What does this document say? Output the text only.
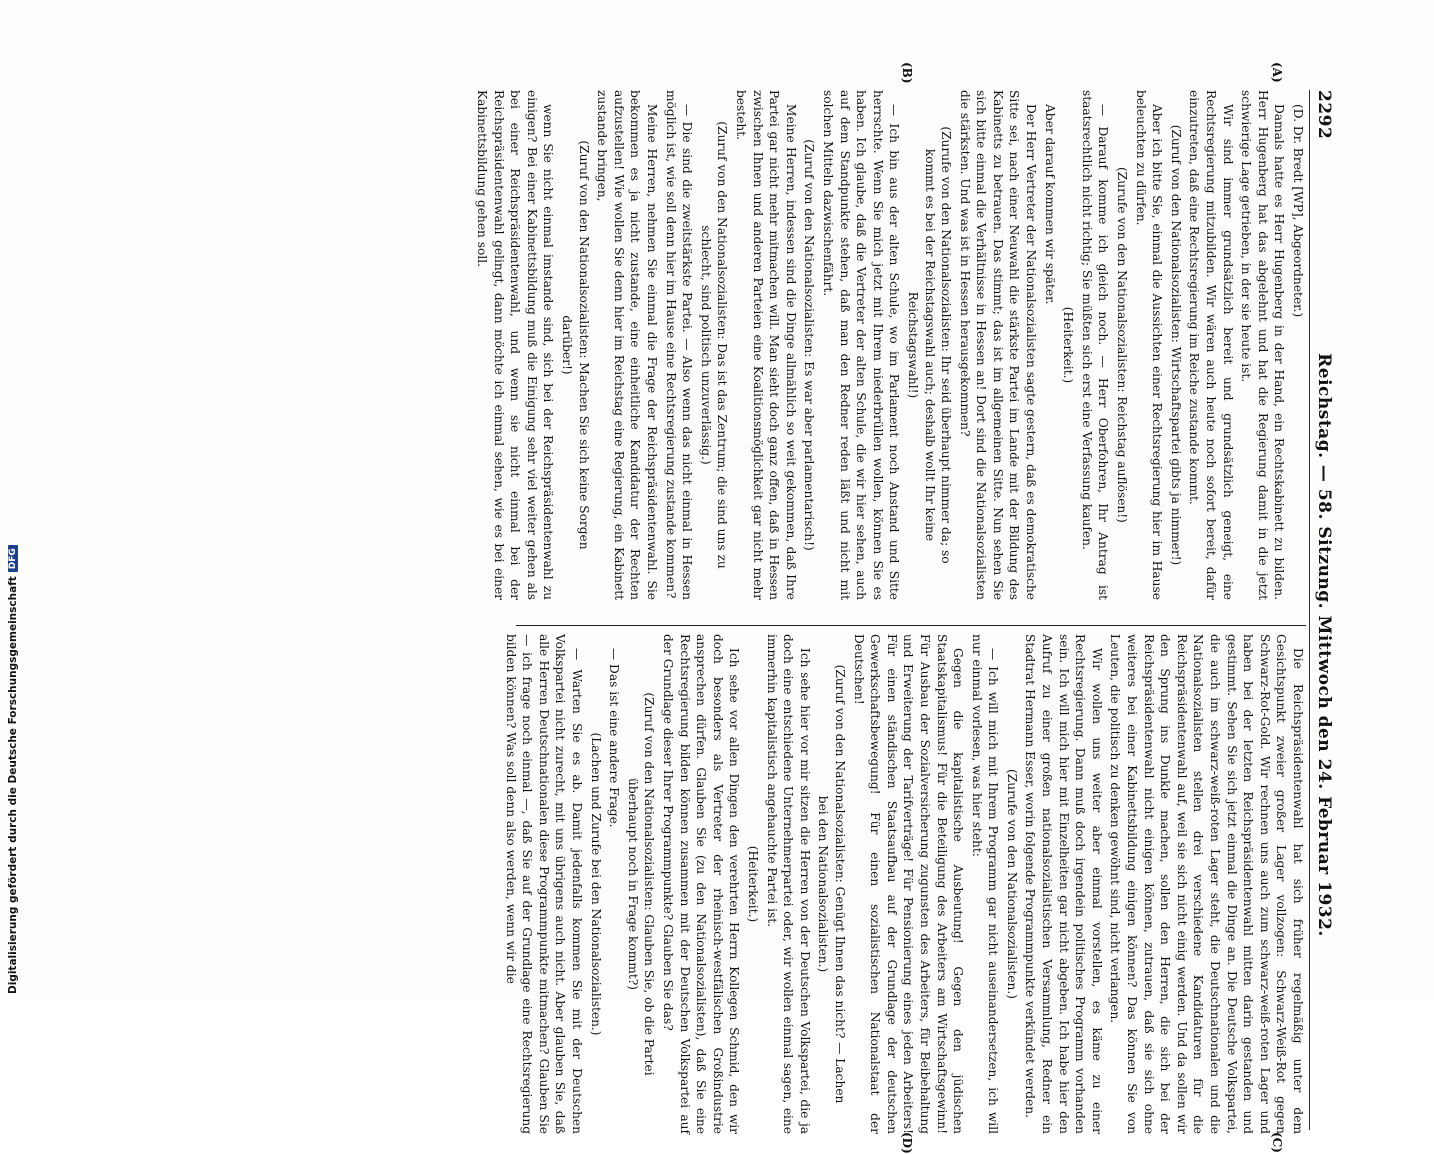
2292
Reichstag. — 58. Sitzung. Mittwoch den 24. Februar 1932.
(A)
(B)
(C)
(D)

(D. Dr. Bredt [WP], Abgeordneter.)

Damals hatte es Herr Hugenberg in der Hand, ein Rechtskabinett zu bilden. Herr Hugenberg hat das abgelehnt und hat die Regierung damit in die jetzt schwierige Lage getrieben, in der sie heute ist.

Wir sind immer grundsätzlich bereit und grundsätzlich geneigt, eine Rechtsregierung mitzubilden. Wir wären auch heute noch sofort bereit, dafür einzutreten, daß eine Rechtsregierung im Reiche zustande kommt.

(Zuruf von den Nationalsozialisten: Wirtschaftspartei gibts ja nimmer!)

Aber ich bitte Sie, einmal die Aussichten einer Rechtsregierung hier im Hause beleuchten zu dürfen.

(Zurufe von den Nationalsozialisten: Reichstag auflösen!)

— Darauf komme ich gleich noch. — Herr Oberfohren, Ihr Antrag ist staatsrechtlich nicht richtig; Sie müßten sich erst eine Verfassung kaufen.

(Heiterkeit.)

Aber darauf kommen wir später.

Der Herr Vertreter der Nationalsozialisten sagte gestern, daß es demokratische Sitte sei, nach einer Neuwahl die stärkste Partei im Lande mit der Bildung des Kabinetts zu betrauen. Das stimmt; das ist im allgemeinen Sitte. Nun sehen Sie sich bitte einmal die Verhältnisse in Hessen an! Dort sind die Nationalsozialisten die stärksten. Und was ist in Hessen herausgekommen?

(Zurufe von den Nationalsozialisten: Ihr seid überhaupt nimmer da; so kommt es bei der Reichstagswahl auch; deshalb wollt Ihr keine Reichstagswahl!)

— Ich bin aus der alten Schule, wo im Parlament noch Anstand und Sitte herrschte. Wenn Sie mich jetzt mit Ihrem niederbrüllen wollen, können Sie es haben. Ich glaube, daß die Vertreter der alten Schule, die wir hier sehen, auch auf dem Standpunkte stehen, daß man den Redner reden läßt und nicht mit solchen Mitteln dazwischenfährt.

(Zuruf von den Nationalsozialisten: Es war aber parlamentarisch!)

Meine Herren, indessen sind die Dinge allmählich so weit gekommen, daß Ihre Partei gar nicht mehr mitmachen will. Man sieht doch ganz offen, daß in Hessen zwischen Ihnen und anderen Parteien eine Koalitionsmöglichkeit gar nicht mehr besteht.

(Zuruf von den Nationalsozialisten: Das ist das Zentrum; die sind uns zu schlecht, sind politisch unzuverlässig.)

— Die sind die zweitstärkste Partei. — Also wenn das nicht einmal in Hessen möglich ist, wie soll denn hier im Hause eine Rechtsregierung zustande kommen?

Meine Herren, nehmen Sie einmal die Frage der Reichspräsidentenwahl. Sie bekommen es ja nicht zustande, eine einheitliche Kandidatur der Rechten aufzustellen! Wie wollen Sie denn hier im Reichstag eine Regierung, ein Kabinett zustande bringen,

(Zuruf von den Nationalsozialisten: Machen Sie sich keine Sorgen darüber!)

wenn Sie nicht einmal imstande sind, sich bei der Reichspräsidentenwahl zu einigen? Bei einer Kabinettsbildung muß die Einigung sehr viel weiter gehen als bei einer Reichspräsidentenwahl, und wenn sie nicht einmal bei der Reichspräsidentenwahl gelingt, dann möchte ich einmal sehen, wie es bei einer Kabinettsbildung gehen soll.

Die Reichspräsidentenwahl hat sich früher regelmäßig unter dem Gesichtspunkt zweier großer Lager vollzogen: Schwarz-Weiß-Rot gegen Schwarz-Rot-Gold. Wir rechnen uns auch zum schwarz-weiß-roten Lager und haben bei der letzten Reichspräsidentenwahl mitten darin gestanden und gestimmt. Sehen Sie sich jetzt einmal die Dinge an. Die Deutsche Volkspartei, die auch im schwarz-weiß-roten Lager steht, die Deutschnationalen und die Nationalsozialisten stellen drei verschiedene Kandidaturen für die Reichspräsidentenwahl auf, weil sie sich nicht einig werden. Und da sollen wir den Sprung ins Dunkle machen, sollen den Herren, die sich bei der Reichspräsidentenwahl nicht einigen können, zutrauen, daß sie sich ohne weiteres bei einer Kabinettsbildung einigen können? Das können Sie von Leuten, die politisch zu denken gewöhnt sind, nicht verlangen.

Wir wollen uns weiter aber einmal vorstellen, es käme zu einer Rechtsregierung. Dann muß doch irgendein politisches Programm vorhanden sein. Ich will mich hier mit Einzelheiten gar nicht abgeben. Ich habe hier den Aufruf zu einer großen nationalsozialistischen Versammlung, Redner ein Stadtrat Hermann Esser, worin folgende Programmpunkte verkündet werden.

(Zurufe von den Nationalsozialisten.)

— Ich will mich mit Ihrem Programm gar nicht auseinandersetzen, ich will nur einmal vorlesen, was hier steht:

Gegen die kapitalistische Ausbeutung! Gegen den jüdischen Staatskapitalismus! Für die Beteiligung des Arbeiters am Wirtschaftsgewinn! Für Ausbau der Sozialversicherung zugunsten des Arbeiters, für Beibehaltung und Erweiterung der Tarifverträge! Für Pensionierung eines jeden Arbeiters! Für einen ständischen Staatsaufbau auf der Grundlage der deutschen Gewerkschaftsbewegung! Für einen sozialistischen Nationalstaat der Deutschen!

(Zuruf von den Nationalsozialisten: Genügt Ihnen das nicht? — Lachen bei den Nationalsozialisten.)

Ich sehe hier vor mir sitzen die Herren von der Deutschen Volkspartei, die ja doch eine entschiedene Unternehmerpartei oder, wir wollen einmal sagen, eine immerhin kapitalistisch angehauchte Partei ist.

(Heiterkeit.)

Ich sehe vor allen Dingen den verehrten Herrn Kollegen Schmid, den wir doch besonders als Vertreter der rheinisch-westfälischen Großindustrie ansprechen dürfen. Glauben Sie (zu den Nationalsozialisten), daß Sie eine Rechtsregierung bilden können zusammen mit der Deutschen Volkspartei auf der Grundlage dieser Ihrer Programmpunkte? Glauben Sie das?

(Zuruf von den Nationalsozialisten: Glauben Sie, ob die Partei überhaupt noch in Frage kommt?)

— Das ist eine andere Frage.

(Lachen und Zurufe bei den Nationalsozialisten.)

— Warten Sie es ab. Damit jedenfalls kommen Sie mit der Deutschen Volkspartei nicht zurecht, mit uns übrigens auch nicht. Aber glauben Sie, daß alle Herren Deutschnationalen diese Programmpunkte mitmachen? Glauben Sie — ich frage noch einmal —, daß Sie auf der Grundlage eine Rechtsregierung bilden können? Was soll denn also werden, wenn wir die

Digitalisierung gefördert durch die Deutsche Forschungsgemeinschaft
DFG
